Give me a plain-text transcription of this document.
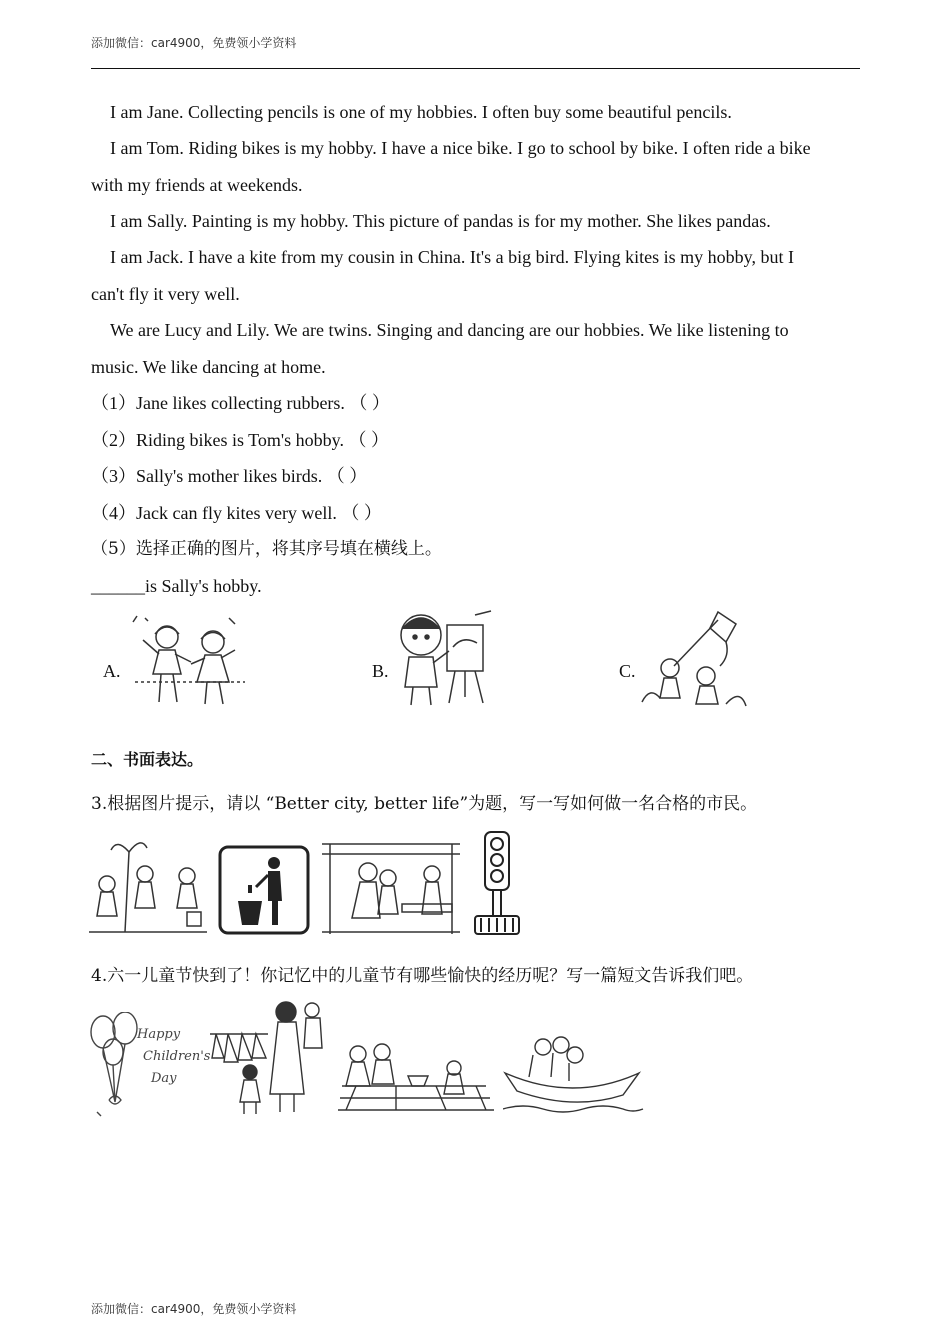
添加微信：car4900，免费领小学资料
I am Jane. Collecting pencils is one of my hobbies. I often buy some beautiful pencils.
I am Tom. Riding bikes is my hobby. I have a nice bike. I go to school by bike. I often ride a bike
with my friends at weekends.
I am Sally. Painting is my hobby. This picture of pandas is for my mother. She likes pandas.
I am Jack. I have a kite from my cousin in China. It's a big bird. Flying kites is my hobby, but I
can't fly it very well.
We are Lucy and Lily. We are twins. Singing and dancing are our hobbies. We like listening to
music. We like dancing at home.
（1）Jane likes collecting rubbers. （ ）
（2）Riding bikes is Tom's hobby. （ ）
（3）Sally's mother likes birds. （ ）
（4）Jack can fly kites very well. （ ）
（5）选择正确的图片，将其序号填在横线上。
______is Sally's hobby.
A.	B.	C.
二、书面表达。
3.根据图片提示，请以 “Better city, better life”为题，写一写如何做一名合格的市民。
4.六一儿童节快到了！你记忆中的儿童节有哪些愉快的经历呢？写一篇短文告诉我们吧。
Happy
Children's
Day
添加微信：car4900，免费领小学资料
